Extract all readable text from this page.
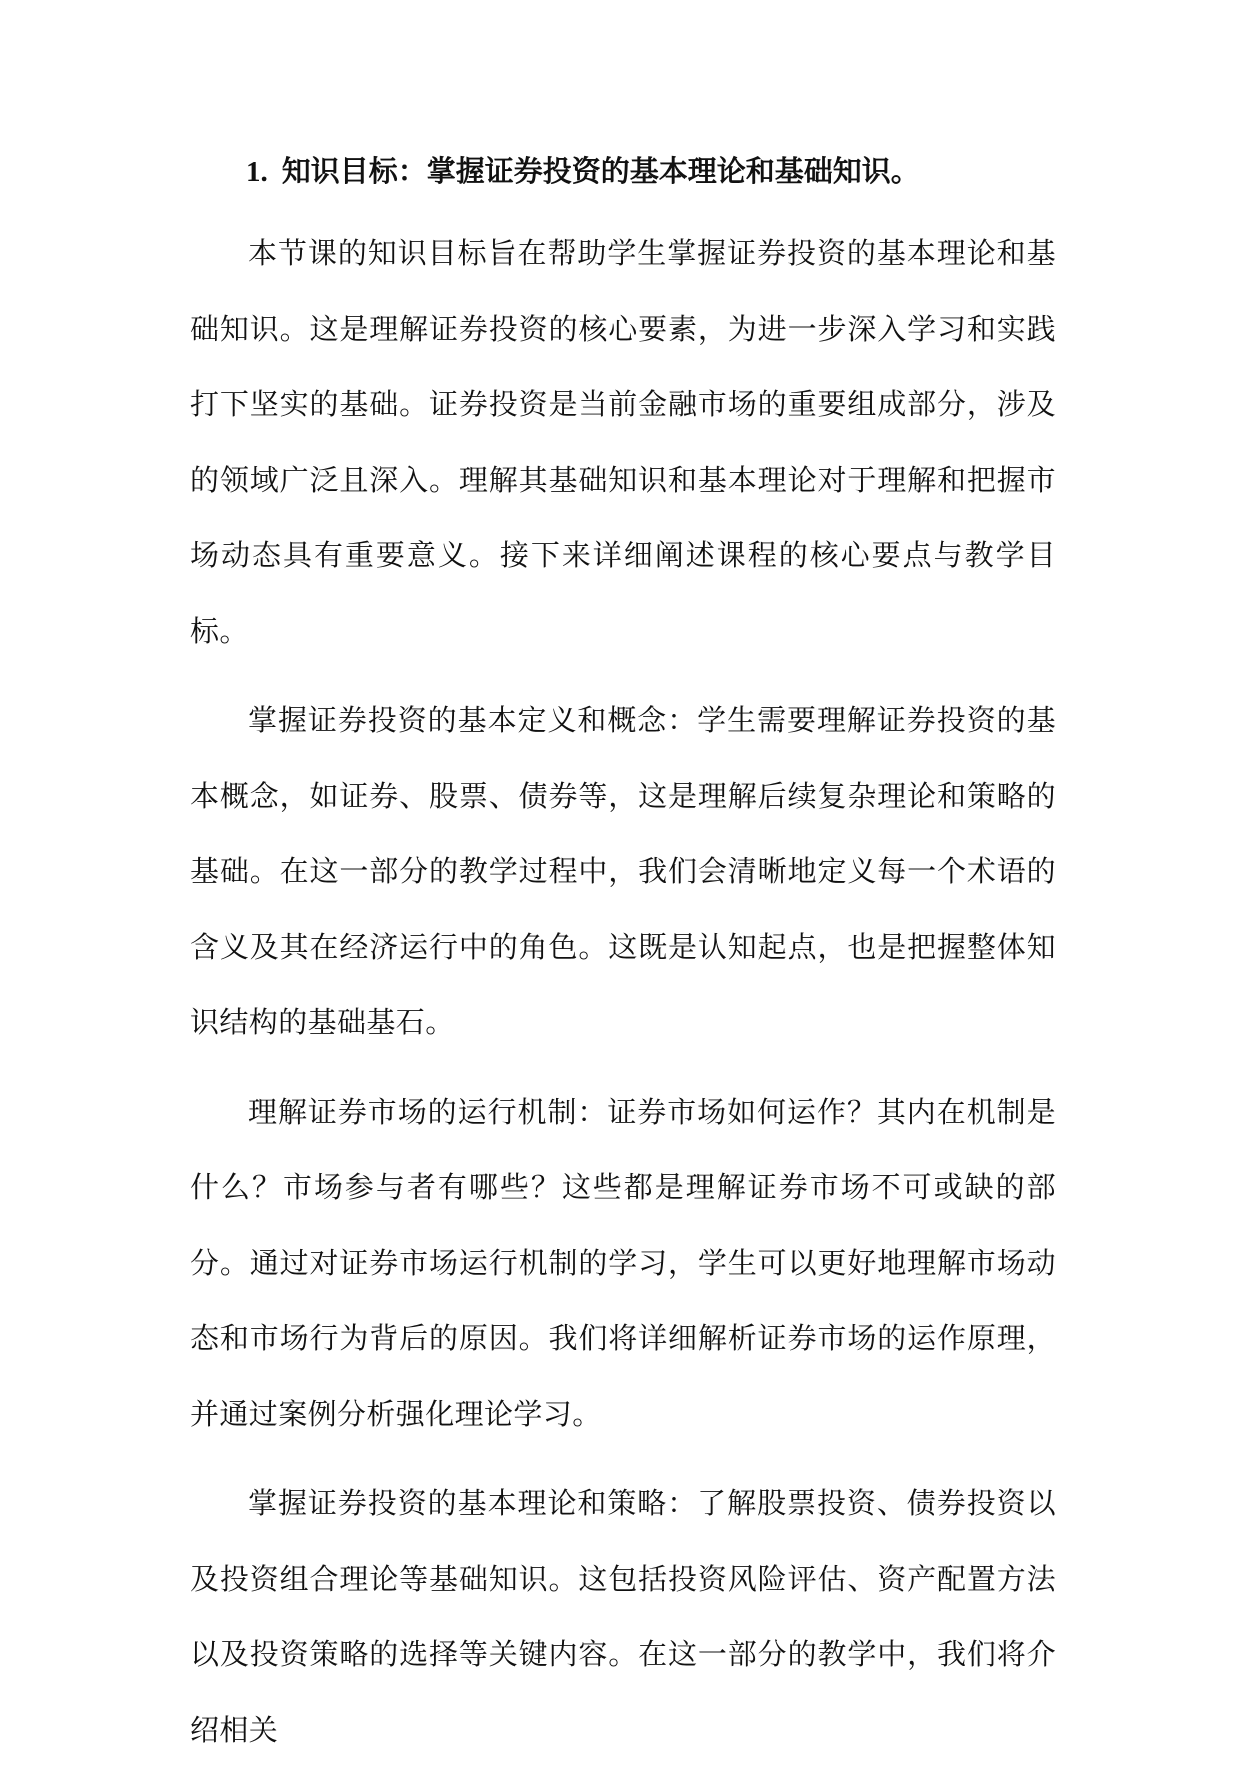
1. 知识目标：掌握证券投资的基本理论和基础知识。

本节课的知识目标旨在帮助学生掌握证券投资的基本理论和基础知识。这是理解证券投资的核心要素，为进一步深入学习和实践打下坚实的基础。证券投资是当前金融市场的重要组成部分，涉及的领域广泛且深入。理解其基础知识和基本理论对于理解和把握市场动态具有重要意义。接下来详细阐述课程的核心要点与教学目标。

掌握证券投资的基本定义和概念：学生需要理解证券投资的基本概念，如证券、股票、债券等，这是理解后续复杂理论和策略的基础。在这一部分的教学过程中，我们会清晰地定义每一个术语的含义及其在经济运行中的角色。这既是认知起点，也是把握整体知识结构的基础基石。

理解证券市场的运行机制：证券市场如何运作？其内在机制是什么？市场参与者有哪些？这些都是理解证券市场不可或缺的部分。通过对证券市场运行机制的学习，学生可以更好地理解市场动态和市场行为背后的原因。我们将详细解析证券市场的运作原理，并通过案例分析强化理论学习。

掌握证券投资的基本理论和策略：了解股票投资、债券投资以及投资组合理论等基础知识。这包括投资风险评估、资产配置方法以及投资策略的选择等关键内容。在这一部分的教学中，我们将介绍相关
